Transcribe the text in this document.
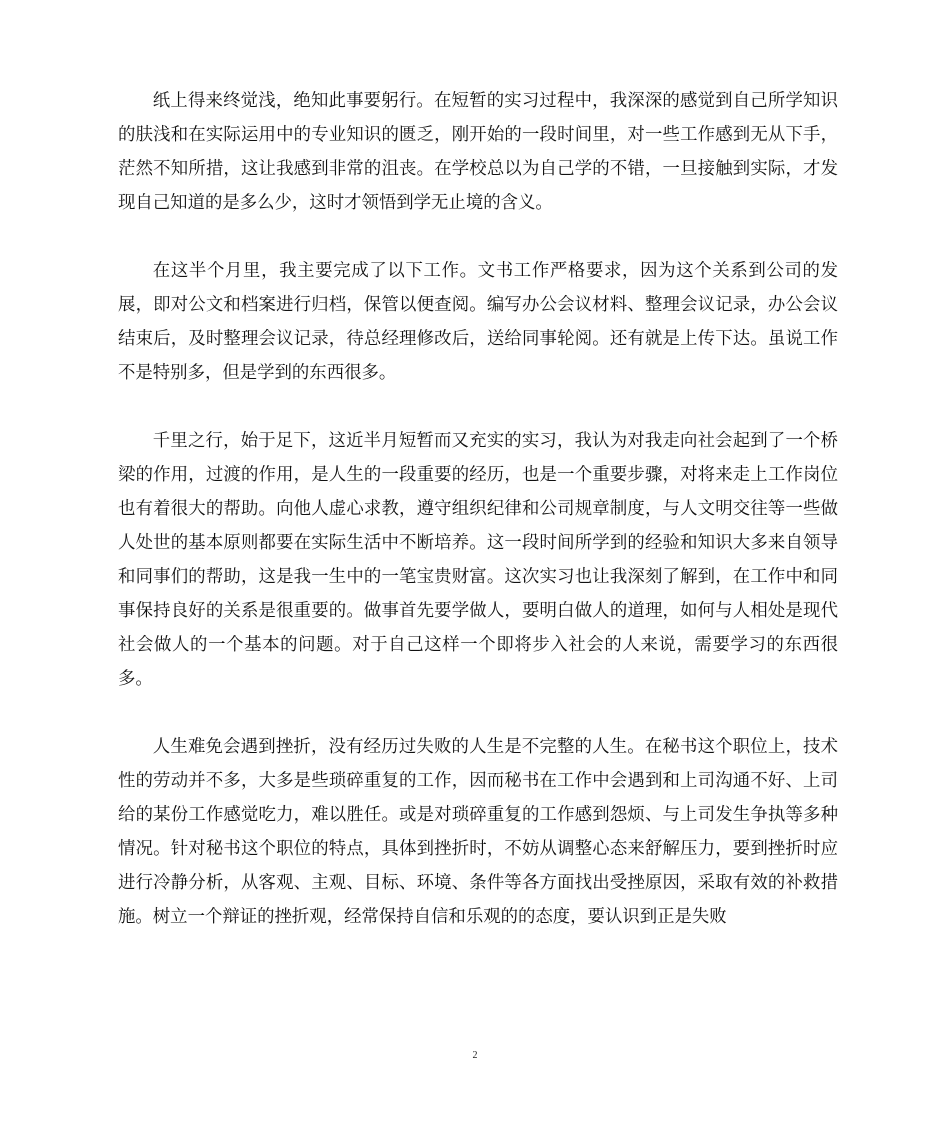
纸上得来终觉浅，绝知此事要躬行。在短暂的实习过程中，我深深的感觉到自己所学知识的肤浅和在实际运用中的专业知识的匮乏，刚开始的一段时间里，对一些工作感到无从下手，茫然不知所措，这让我感到非常的沮丧。在学校总以为自己学的不错，一旦接触到实际，才发现自己知道的是多么少，这时才领悟到学无止境的含义。

在这半个月里，我主要完成了以下工作。文书工作严格要求，因为这个关系到公司的发展，即对公文和档案进行归档，保管以便查阅。编写办公会议材料、整理会议记录，办公会议结束后，及时整理会议记录，待总经理修改后，送给同事轮阅。还有就是上传下达。虽说工作不是特别多，但是学到的东西很多。

千里之行，始于足下，这近半月短暂而又充实的实习，我认为对我走向社会起到了一个桥梁的作用，过渡的作用，是人生的一段重要的经历，也是一个重要步骤，对将来走上工作岗位也有着很大的帮助。向他人虚心求教，遵守组织纪律和公司规章制度，与人文明交往等一些做人处世的基本原则都要在实际生活中不断培养。这一段时间所学到的经验和知识大多来自领导和同事们的帮助，这是我一生中的一笔宝贵财富。这次实习也让我深刻了解到，在工作中和同事保持良好的关系是很重要的。做事首先要学做人，要明白做人的道理，如何与人相处是现代社会做人的一个基本的问题。对于自己这样一个即将步入社会的人来说，需要学习的东西很多。

人生难免会遇到挫折，没有经历过失败的人生是不完整的人生。在秘书这个职位上，技术性的劳动并不多，大多是些琐碎重复的工作，因而秘书在工作中会遇到和上司沟通不好、上司给的某份工作感觉吃力，难以胜任。或是对琐碎重复的工作感到怨烦、与上司发生争执等多种情况。针对秘书这个职位的特点，具体到挫折时，不妨从调整心态来舒解压力，要到挫折时应进行冷静分析，从客观、主观、目标、环境、条件等各方面找出受挫原因，采取有效的补救措施。树立一个辩证的挫折观，经常保持自信和乐观的的态度，要认识到正是失败

2
